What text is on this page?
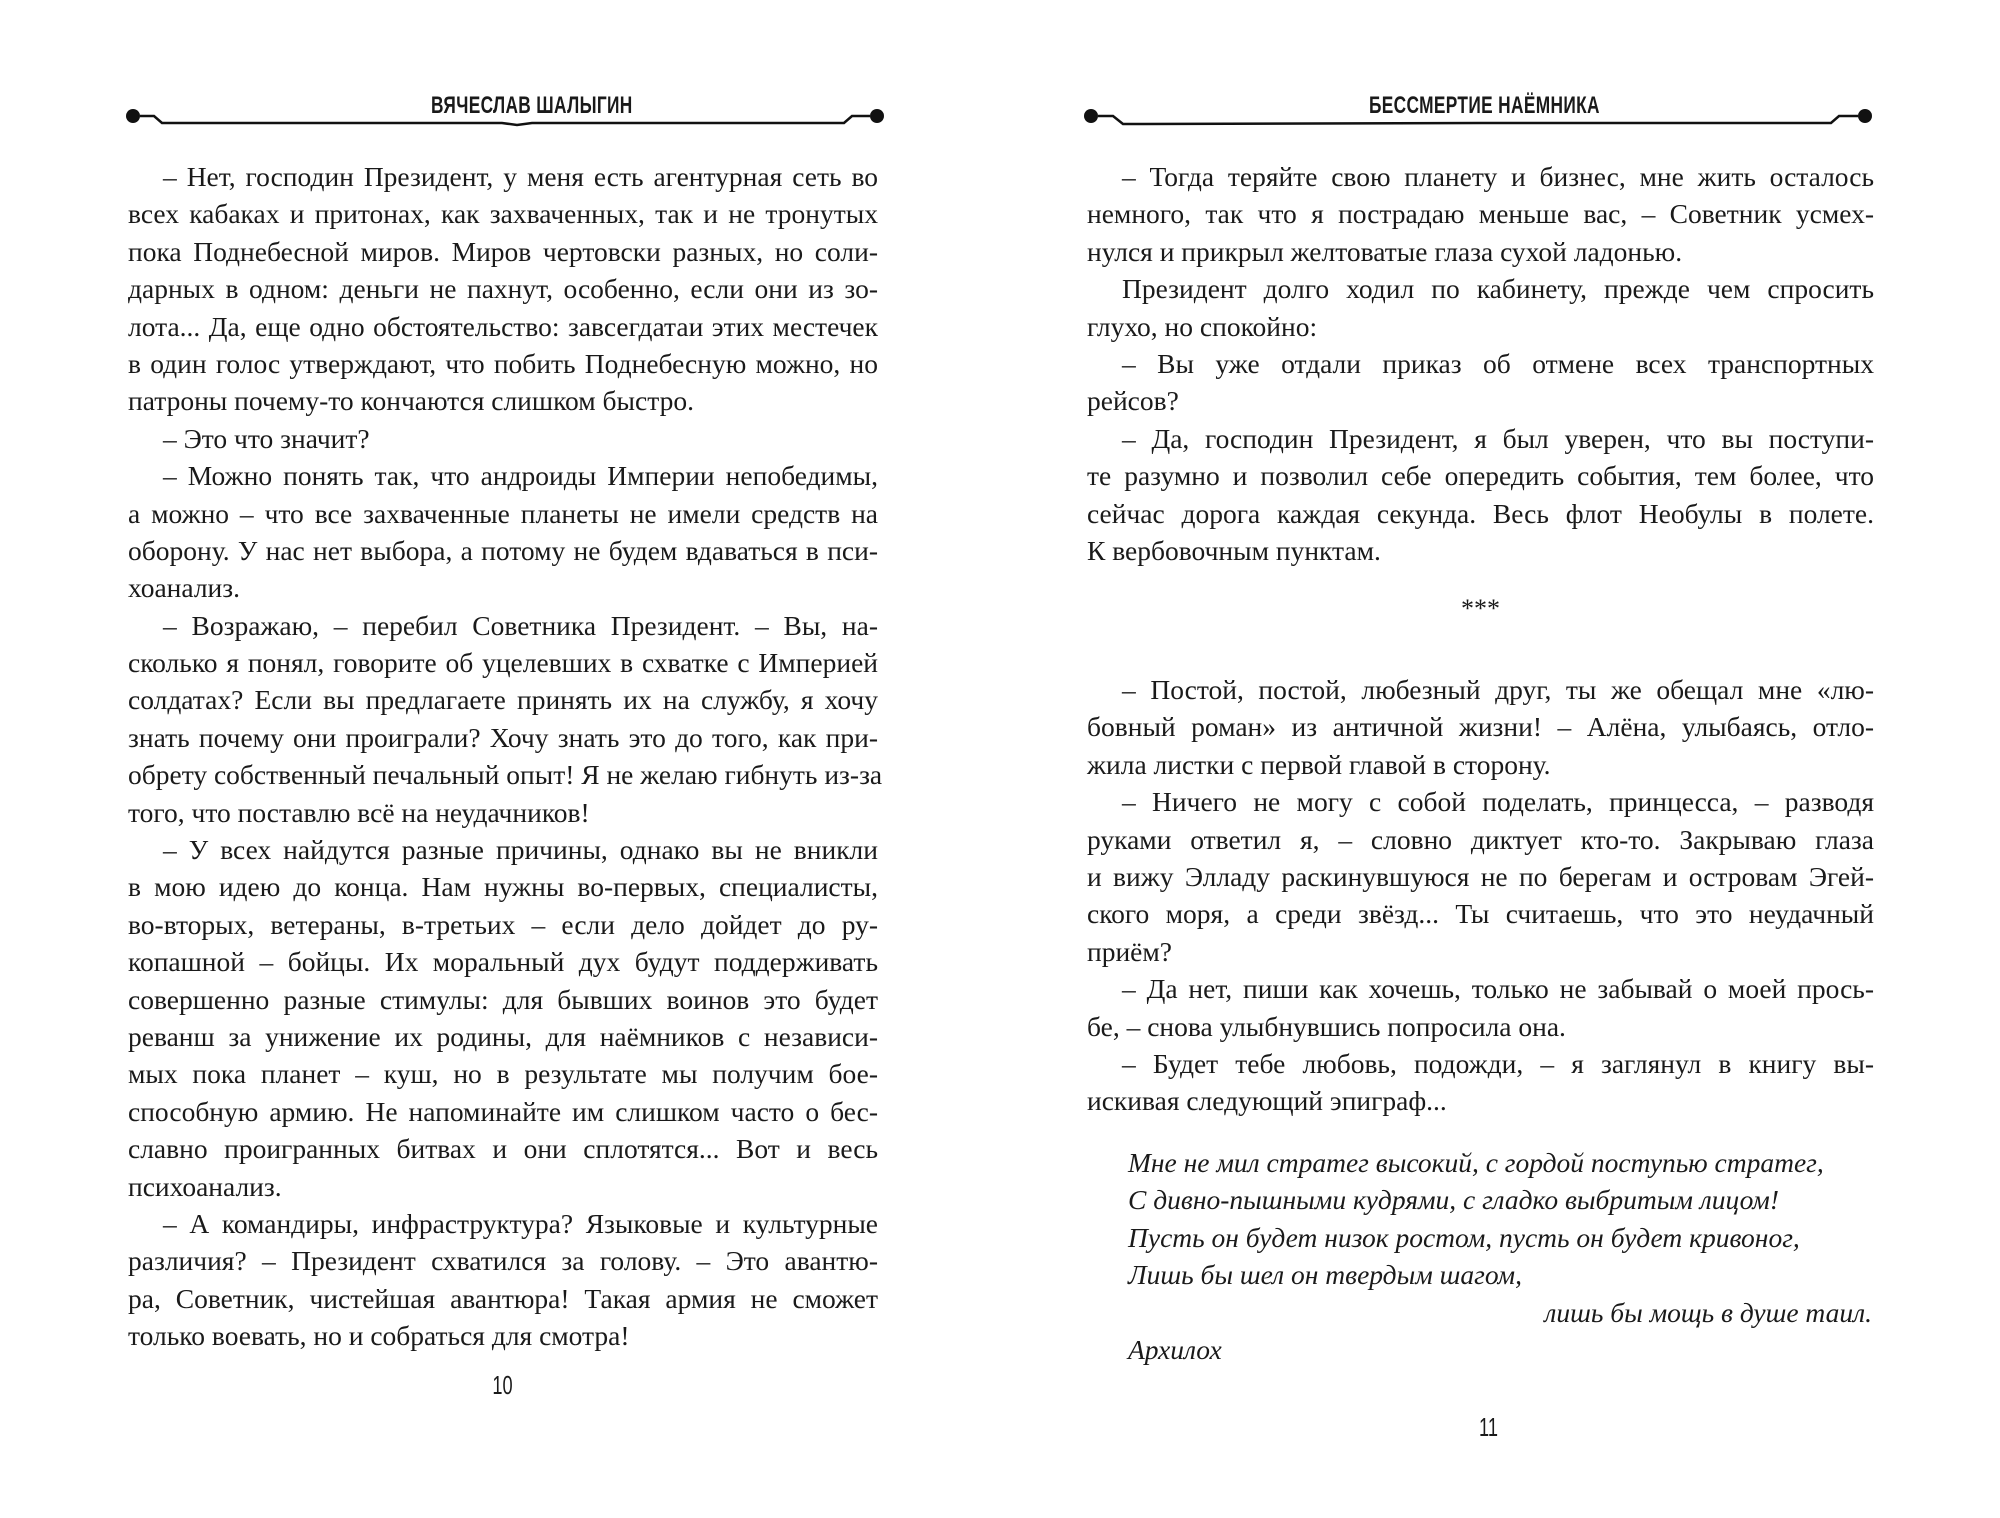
ВЯЧЕСЛАВ ШАЛЫГИН
– Нет, господин Президент, у меня есть агентурная сеть во
всех кабаках и притонах, как захваченных, так и не тронутых
пока Поднебесной миров. Миров чертовски разных, но соли-
дарных в одном: деньги не пахнут, особенно, если они из зо-
лота... Да, еще одно обстоятельство: завсегдатаи этих местечек
в один голос утверждают, что побить Поднебесную можно, но
патроны почему-то кончаются слишком быстро.
– Это что значит?
– Можно понять так, что андроиды Империи непобедимы,
а можно – что все захваченные планеты не имели средств на
оборону. У нас нет выбора, а потому не будем вдаваться в пси-
хоанализ.
– Возражаю, – перебил Советника Президент. – Вы, на-
сколько я понял, говорите об уцелевших в схватке с Империей
солдатах? Если вы предлагаете принять их на службу, я хочу
знать почему они проиграли? Хочу знать это до того, как при-
обрету собственный печальный опыт! Я не желаю гибнуть из-за
того, что поставлю всё на неудачников!
– У всех найдутся разные причины, однако вы не вникли
в мою идею до конца. Нам нужны во-первых, специалисты,
во-вторых, ветераны, в-третьих – если дело дойдет до ру-
копашной – бойцы. Их моральный дух будут поддерживать
совершенно разные стимулы: для бывших воинов это будет
реванш за унижение их родины, для наёмников с независи-
мых пока планет – куш, но в результате мы получим бое-
способную армию. Не напоминайте им слишком часто о бес-
славно проигранных битвах и они сплотятся... Вот и весь
психоанализ.
– А командиры, инфраструктура? Языковые и культурные
различия? – Президент схватился за голову. – Это авантю-
ра, Советник, чистейшая авантюра! Такая армия не сможет
только воевать, но и собраться для смотра!
10
БЕССМЕРТИЕ НАЁМНИКА
– Тогда теряйте свою планету и бизнес, мне жить осталось
немного, так что я пострадаю меньше вас, – Советник усмех-
нулся и прикрыл желтоватые глаза сухой ладонью.
Президент долго ходил по кабинету, прежде чем спросить
глухо, но спокойно:
– Вы уже отдали приказ об отмене всех транспортных
рейсов?
– Да, господин Президент, я был уверен, что вы поступи-
те разумно и позволил себе опередить события, тем более, что
сейчас дорога каждая секунда. Весь флот Необулы в полете.
К вербовочным пунктам.
***
– Постой, постой, любезный друг, ты же обещал мне «лю-
бовный роман» из античной жизни! – Алёна, улыбаясь, отло-
жила листки с первой главой в сторону.
– Ничего не могу с собой поделать, принцесса, – разводя
руками ответил я, – словно диктует кто-то. Закрываю глаза
и вижу Элладу раскинувшуюся не по берегам и островам Эгей-
ского моря, а среди звёзд... Ты считаешь, что это неудачный
приём?
– Да нет, пиши как хочешь, только не забывай о моей прось-
бе, – снова улыбнувшись попросила она.
– Будет тебе любовь, подожди, – я заглянул в книгу вы-
искивая следующий эпиграф...
Мне не мил стратег высокий, с гордой поступью стратег,
С дивно-пышными кудрями, с гладко выбритым лицом!
Пусть он будет низок ростом, пусть он будет кривоног,
Лишь бы шел он твердым шагом,
лишь бы мощь в душе таил.
Архилох
11
